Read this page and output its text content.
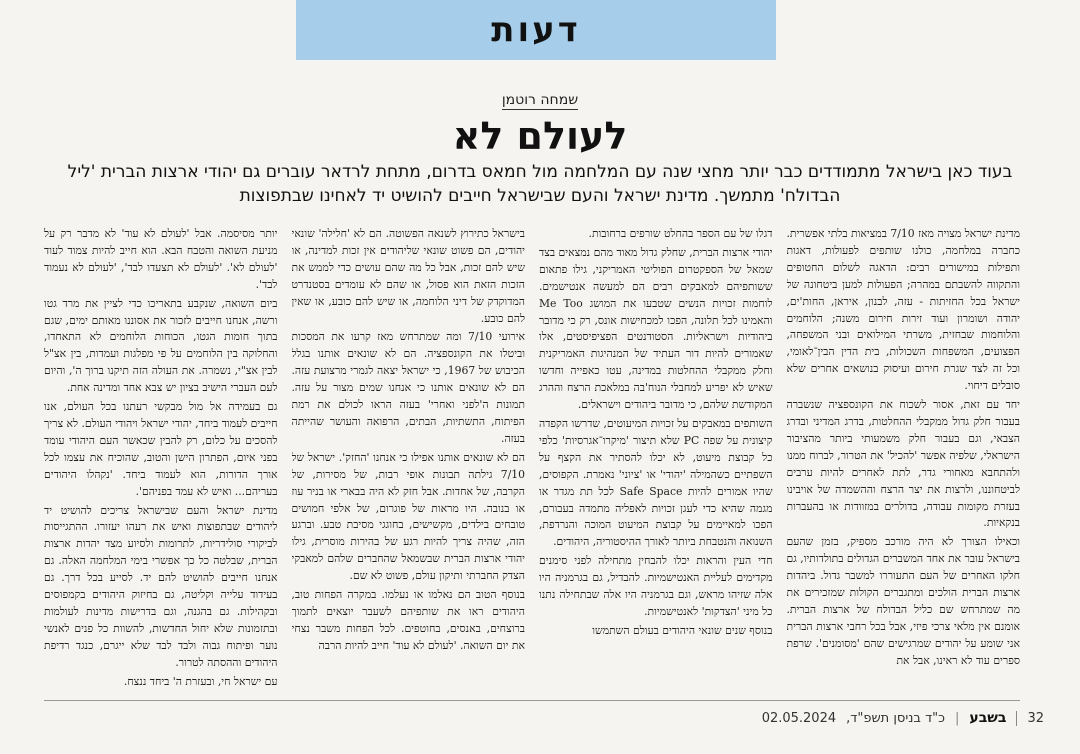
דעות
שמחה רוטמן
לעולם לא
בעוד כאן בישראל מתמודדים כבר יותר מחצי שנה עם המלחמה מול חמאס בדרום, מתחת לרדאר עוברים גם יהודי ארצות הברית 'ליל הבדולח' מתמשך. מדינת ישראל והעם שבישראל חייבים להושיט יד לאחינו שבתפוצות

מדינת ישראל מצויה מאז 7/10 במציאות בלתי אפשרית. כחברה במלחמה, כולנו שותפים לפעולות, דאגות ותפילות במישורים רבים: הדאגה לשלום החטופים והתקווה להשבתם במהרה; הפעולות למען ביטחונה של ישראל בכל החזיתות - עזה, לבנון, איראן, החות'ים, יהודה ושומרון ועוד זירות חירום משנה; הלוחמים והלוחמות שבחזית, משרתי המילואים ובני המשפחה, הפצועים, המשפחות השכולות, בית הדין הבין־לאומי, וכל זה לצד שגרת חירום ועיסוק בנושאים אחרים שלא סובלים דיחוי.

יחד עם זאת, אסור לשכוח את הקונספציה שנשברה בעבור חלק גדול ממקבלי ההחלטות, בדרג המדיני ובדרג הצבאי, וגם בעבור חלק משמעותי ביותר מהציבור הישראלי, שלפיה אפשר 'להכיל' את הטרור, לברוח ממנו ולהתחבא מאחורי גדר, לתת לאחרים להיות ערבים לביטחוננו, ולרצות את יצר הרצח וההשמדה של אויבינו בעזרת מקומות עבודה, בדולרים במזוודות או בהעברות בנקאיות.

וכאילו הצורך לא היה מורכב מספיק, בזמן שהעם בישראל עובר את אחד המשברים הגדולים בתולדותיו, גם חלקו האחרים של העם התעוררו למשבר גדול. ביהדות ארצות הברית הולכים ומתגברים הקולות שמזכירים את מה שמתרחש שם כליל הבדולח של ארצות הברית. אומנם אין מלאי צרכי פיזי, אבל בכל רחבי ארצות הברית אני שומע על יהודים שמרגישים שהם 'מסומנים'. שרפת ספרים עוד לא ראינו, אבל את

דגלו של עם הספר בהחלט שורפים ברחובות.

יהודי ארצות הברית, שחלק גדול מאוד מהם נמצאים בצד שמאל של הספקטרום הפוליטי האמריקני, גילו פתאום ששותפיהם למאבקים רבים הם למעשה אנטישמים. לוחמות זכויות הנשים שטבעו את המושג Me Too והאמינו לכל תלונה, הפכו למכחישות אונס, רק כי מדובר ביהודיות וישראליות. הסטודנטים הפציפיסטים, אלו שאמורים להיות דור העתיד של המנהיגות האמריקנית וחלק ממקבלי ההחלטות במדינה, עטו כאפייה וחדשו שאיש לא יפריע למחבלי הנוח'בה במלאכת הרצח וההרג המקודשת שלהם, כי מדובר ביהודים וישראלים.

השותפים במאבקים על זכויות המיעוטים, שדרשו הקפדה קיצונית על שפה PC שלא תיצור 'מיקרו־אגרסיות' כלפי כל קבוצת מיעוט, לא יכלו להסתיר את הקצף על השפתיים כשהמילה 'יהודי' או 'ציוני' נאמרת. הקפוסים, שהיו אמורים להיות Safe Space לכל תת מגדר או מגמה שהיא כדי לעגן זכויות לאפליה מתמדה בעבורם, הפכו למאיימים על קבוצת המיעוט המוכה והנרדפת, השנואה והנטבחת ביותר לאורך ההיסטוריה, היהודים.

חדי העין והראות יכלו להבחין מתחילה לפני סימנים מקדימים לעליית האנטישמיות. להבדיל, גם בגרמניה היו אלה שזיהו מראש, וגם בגרמניה היו אלה שבתחילה נתנו כל מיני 'הצדקות' לאנטישמיות.

בנוסף שנים שונאי היהודים בעולם השתמשו

בישראל כתירוץ לשנאה הפשוטה. הם לא 'חלילה' שונאי יהודים, הם פשוט שונאי שליהודים אין זכות למדינה, או שיש להם זכות, אבל כל מה שהם עושים כדי לממש את הזכות הזאת הוא פסול, או שהם לא עומדים בסטנדרט המדוקדק של דיני הלוחמה, או שיש להם כובע, או שאין להם כובע.

אירועי 7/10 ומה שמתרחש מאז קרעו את המסכות וביטלו את הקונספציה. הם לא שונאים אותנו בגלל הכיבוש של 1967, כי ישראל יצאה לגמרי מרצועת עזה. הם לא שונאים אותנו כי אנחנו שמים מצור על עזה. תמונות ה'לפני ואחרי' בעזה הראו לכולם את רמת הפיתוח, התשתיות, הבתים, הרפואה והעושר שהייתה בעזה.

הם לא שונאים אותנו אפילו כי אנחנו 'החזק'. ישראל של 7/10 גילתה תבונות אופי רבות, של מסירות, של הקרבה, של אחדות. אבל חזק לא היה בבארי או בניר עוז או בנובה. היו מראות של פוגרום, של אלפי חמושים טובחים בילדים, מקשישים, בחוגגי מסיבת טבע. וברגע הזה, שהיה צריך להיות רגע של בהירות מוסרית, גילו יהודי ארצות הברית שבשמאל שהחברים שלהם למאבקי הצדק החברתי ותיקון עולם, פשוט לא שם.

בנוסף הטוב הם נאלמו או נעלמו. במקרה הפחות טוב, היהודים ראו את שותפיהם לשעבר יוצאים לתמוך ברוצחים, באנסים, בחוטפים. לכל הפחות משבר נצחי את יום השואה. 'לעולם לא עוד' חייב להיות הרבה

יותר מסיסמה. אבל 'לעולם לא עוד' לא מדבר רק על מניעת השואה והטבח הבא. הוא חייב להיות צמוד לעוד 'לעולם לא'. 'לעולם לא תצעדו לבד', 'לעולם לא נעמוד לבד'.

ביום השואה, שנקבע בתאריכו כדי לציין את מרד גטו ורשה, אנחנו חייבים לזכור את אסוננו מאותם ימים, שגם בתוך חומות הגטו, הכוחות הלוחמים לא התאחדו, והחלוקה בין הלוחמים על פי מפלגות ועמדות, בין אצ"ל לבין אצ"י, נשמרה. את העולה הזה תיקנו ברוך ה', והיום לעם העברי הישיב בציון יש צבא אחד ומדינה אחת.

גם בעמידה אל מול מבקשי רעתנו בכל העולם, אנו חייבים לעמוד ביחד, יהודי ישראל ויהודי העולם. לא צריך להסכים על כלום, רק להבין שכאשר העם היהודי עומד בפני איום, הפתרון הישן והטוב, שהוכיח את עצמו לכל אורך הדורות, הוא לעמוד ביחד. 'נקהלו היהודים בעריהם... ואיש לא עמד בפניהם'.

מדינת ישראל והעם שבישראל צריכים להושיט יד ליהודים שבתפוצות ואיש את רעהו יעזורו. ההתגייסות לביקורי סולידריות, לתרומות ולסיוע מצד יהדות ארצות הברית, שבלטה כל כך אפשרי בימי המלחמה האלה. גם אנחנו חייבים להושיט להם יד. לסייע בכל דרך. גם בעידוד עלייה וקליטה, גם בחיזוק היהודים בקמפוסים ובקהילות. גם בהגנה, וגם בדרישות מדינות לעולמות ובתזמונות שלא יחול החדשות, להשוות כל פנים לאנשי נוער ופיתוח גבוה ולבד לבד שלא ייגרם, כנגד רדיפת היהודים וההסתה לטרור.

עם ישראל חי, ובעזרת ה' ביחד ננצח.

32
בשבע
|
כ"ד בניסן תשפ"ד,
02.05.2024
